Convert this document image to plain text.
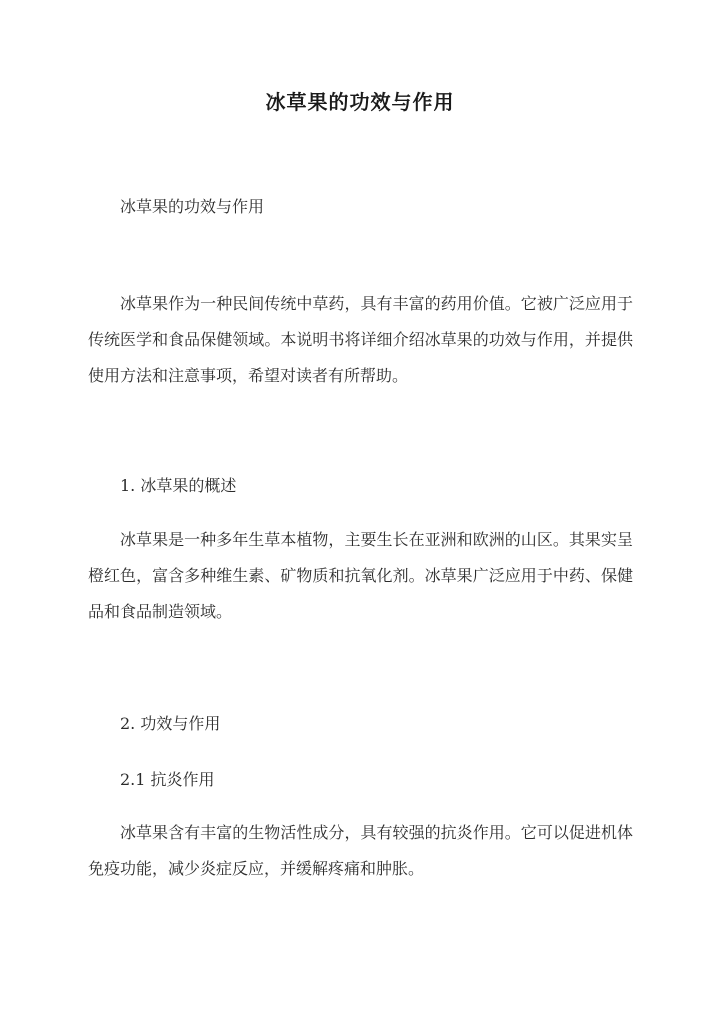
冰草果的功效与作用

冰草果的功效与作用

冰草果作为一种民间传统中草药，具有丰富的药用价值。它被广泛应用于传统医学和食品保健领域。本说明书将详细介绍冰草果的功效与作用，并提供使用方法和注意事项，希望对读者有所帮助。

1. 冰草果的概述

冰草果是一种多年生草本植物，主要生长在亚洲和欧洲的山区。其果实呈橙红色，富含多种维生素、矿物质和抗氧化剂。冰草果广泛应用于中药、保健品和食品制造领域。

2. 功效与作用

2.1 抗炎作用

冰草果含有丰富的生物活性成分，具有较强的抗炎作用。它可以促进机体免疫功能，减少炎症反应，并缓解疼痛和肿胀。
